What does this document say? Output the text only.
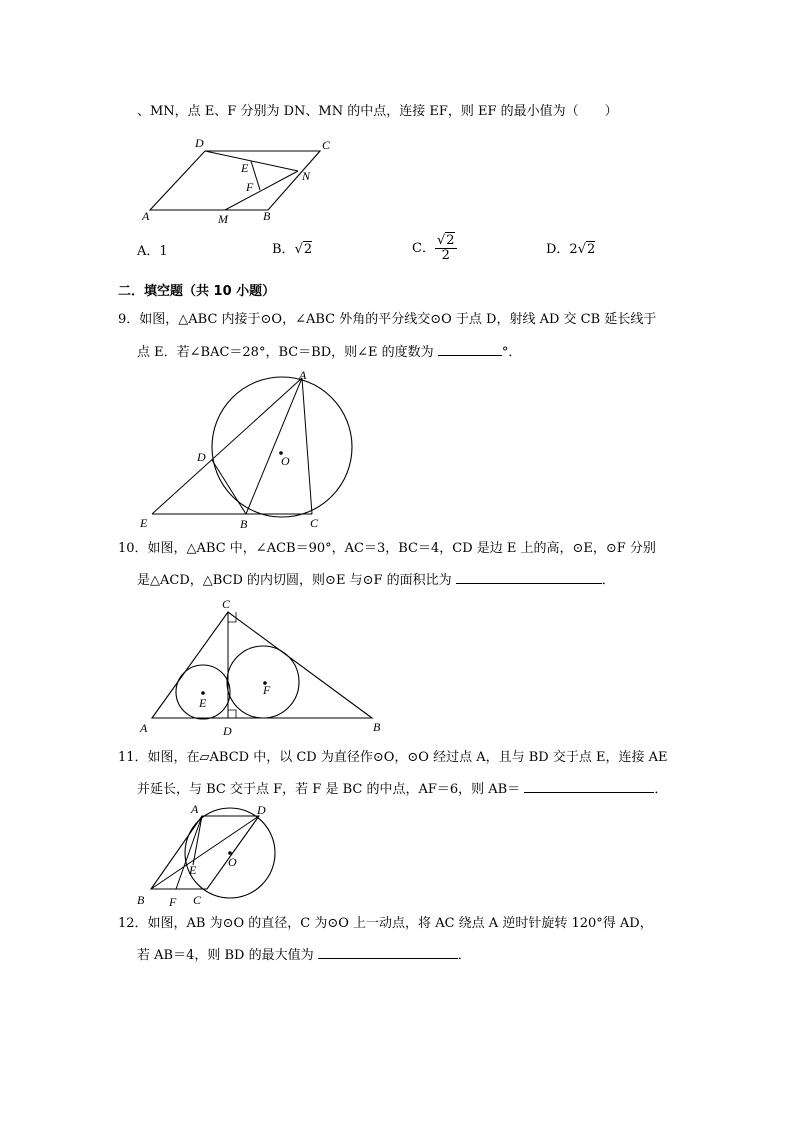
、MN，点 E、F 分别为 DN、MN 的中点，连接 EF，则 EF 的最小值为（　　）
D	C
E
F
N
A	M	B
A．1	B．√2	C． $\frac{√2}{2}$	D．2√2
二．填空题（共 10 小题）
9．如图，△ABC 内接于⊙O，∠ABC 外角的平分线交⊙O 于点 D，射线 AD 交 CB 延长线于
点 E．若∠BAC＝28°，BC＝BD，则∠E 的度数为	°．
A
D	O
E	B	C
10．如图，△ABC 中，∠ACB＝90°，AC＝3，BC＝4，CD 是边 E 上的高，⊙E，⊙F 分别
是△ACD，△BCD 的内切圆，则⊙E 与⊙F 的面积比为	．
C
E
F
A	D	B
11．如图，在▱ABCD 中，以 CD 为直径作⊙O，⊙O 经过点 A，且与 BD 交于点 E，连接 AE
并延长，与 BC 交于点 F，若 F 是 BC 的中点，AF＝6，则 AB＝	．
A	D
E
O
B F C
12．如图，AB 为⊙O 的直径，C 为⊙O 上一动点，将 AC 绕点 A 逆时针旋转 120°得 AD，
若 AB＝4，则 BD 的最大值为	．
